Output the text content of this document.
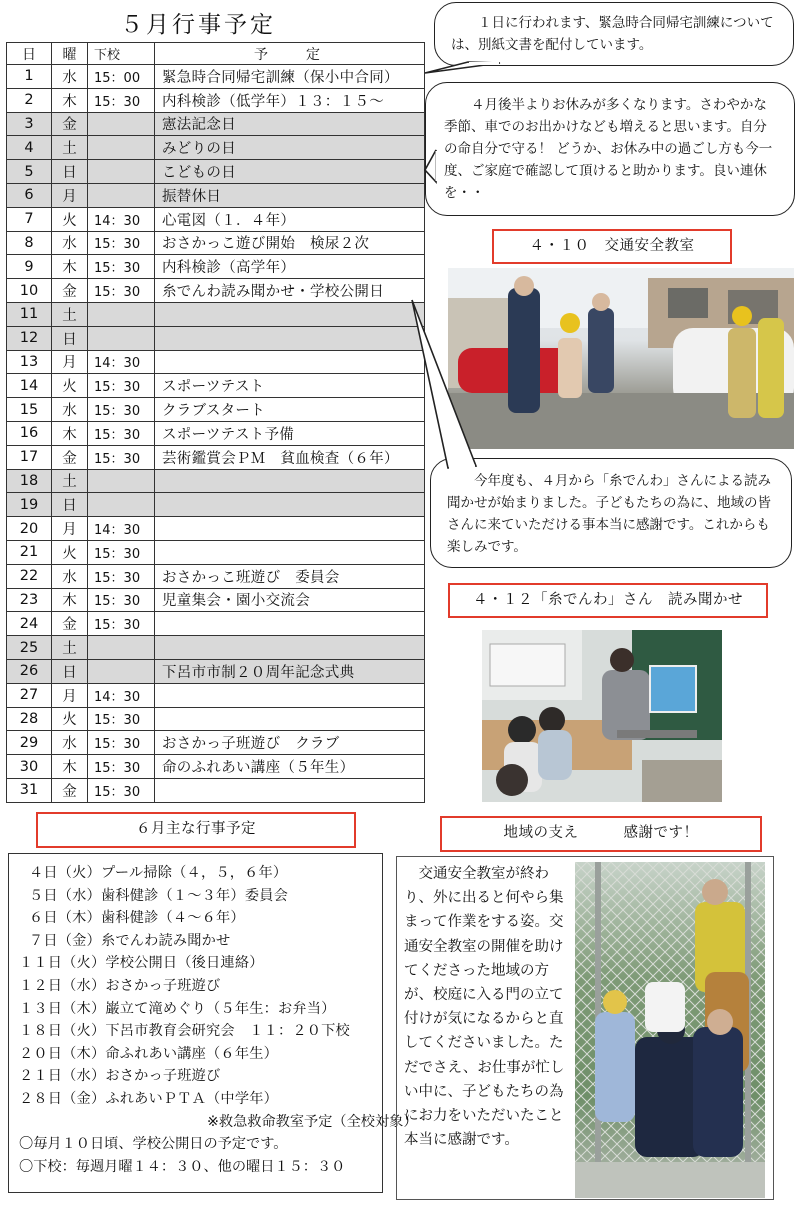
５月行事予定
日	曜	下校	予　定
1	水	15：00	緊急時合同帰宅訓練（保小中合同）
2	木	15：30	内科検診（低学年）１３：１５～
3	金		憲法記念日
4	土		みどりの日
5	日		こどもの日
6	月		振替休日
7	火	14：30	心電図（１．４年）
8	水	15：30	おさかっこ遊び開始　検尿２次
9	木	15：30	内科検診（高学年）
10	金	15：30	糸でんわ読み聞かせ・学校公開日
11	土		
12	日		
13	月	14：30	
14	火	15：30	スポーツテスト
15	水	15：30	クラブスタート
16	木	15：30	スポーツテスト予備
17	金	15：30	芸術鑑賞会ＰＭ　貧血検査（６年）
18	土		
19	日		
20	月	14：30	
21	火	15：30	
22	水	15：30	おさかっこ班遊び　委員会
23	木	15：30	児童集会・園小交流会
24	金	15：30	
25	土		
26	日		下呂市市制２０周年記念式典
27	月	14：30	
28	火	15：30	
29	水	15：30	おさかっ子班遊び　クラブ
30	木	15：30	命のふれあい講座（５年生）
31	金	15：30	
１日に行われます、緊急時合同帰宅訓練については、別紙文書を配付しています。
４月後半よりお休みが多くなります。さわやかな季節、車でのお出かけなども増えると思います。自分の命自分で守る！ どうか、お休み中の過ごし方も今一度、ご家庭で確認して頂けると助かります。良い連休を・・
今年度も、４月から「糸でんわ」さんによる読み聞かせが始まりました。子どもたちの為に、地域の皆さんに来ていただける事本当に感謝です。これからも楽しみです。
４・１０　交通安全教室
４・１２「糸でんわ」さん　読み聞かせ
６月主な行事予定	地域の支え　　　感謝です！
４日（火）プール掃除（４，５，６年）
５日（水）歯科健診（１～３年）委員会
６日（木）歯科健診（４～６年）
７日（金）糸でんわ読み聞かせ
１１日（火）学校公開日（後日連絡）
１２日（水）おさかっ子班遊び
１３日（木）巌立て滝めぐり（５年生：お弁当）
１８日（火）下呂市教育会研究会　１１：２０下校
２０日（木）命ふれあい講座（６年生）
２１日（水）おさかっ子班遊び
２８日（金）ふれあいＰＴＡ（中学年）
※救急救命教室予定（全校対象）
〇毎月１０日頃、学校公開日の予定です。
〇下校：毎週月曜１４：３０、他の曜日１５：３０
交通安全教室が終わり、外に出ると何やら集まって作業をする姿。交通安全教室の開催を助けてくださった地域の方が、校庭に入る門の立て付けが気になるからと直してくださいました。ただでさえ、お仕事が忙しい中に、子どもたちの為にお力をいただいたこと本当に感謝です。
